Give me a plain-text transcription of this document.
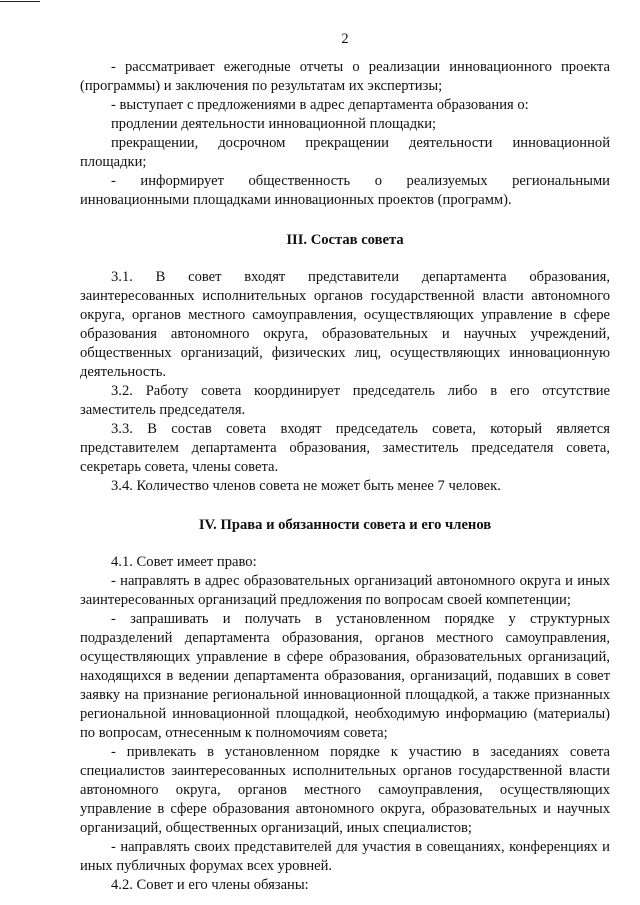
2

- рассматривает ежегодные отчеты о реализации инновационного проекта (программы) и заключения по результатам их экспертизы;

- выступает с предложениями в адрес департамента образования о:

продлении деятельности инновационной площадки;

прекращении, досрочном прекращении деятельности инновационной площадки;

- информирует общественность о реализуемых региональными инновационными площадками инновационных проектов (программ).

III. Состав совета

3.1. В совет входят представители департамента образования, заинтересованных исполнительных органов государственной власти автономного округа, органов местного самоуправления, осуществляющих управление в сфере образования автономного округа, образовательных и научных учреждений, общественных организаций, физических лиц, осуществляющих инновационную деятельность.

3.2. Работу совета координирует председатель либо в его отсутствие заместитель председателя.

3.3. В состав совета входят председатель совета, который является представителем департамента образования, заместитель председателя совета, секретарь совета, члены совета.

3.4. Количество членов совета не может быть менее 7 человек.

IV. Права и обязанности совета и его членов

4.1. Совет имеет право:

- направлять в адрес образовательных организаций автономного округа и иных заинтересованных организаций предложения по вопросам своей компетенции;

- запрашивать и получать в установленном порядке у структурных подразделений департамента образования, органов местного самоуправления, осуществляющих управление в сфере образования, образовательных организаций, находящихся в ведении департамента образования, организаций, подавших в совет заявку на признание региональной инновационной площадкой, а также признанных региональной инновационной площадкой, необходимую информацию (материалы) по вопросам, отнесенным к полномочиям совета;

- привлекать в установленном порядке к участию в заседаниях совета специалистов заинтересованных исполнительных органов государственной власти автономного округа, органов местного самоуправления, осуществляющих управление в сфере образования автономного округа, образовательных и научных организаций, общественных организаций, иных специалистов;

- направлять своих представителей для участия в совещаниях, конференциях и иных публичных форумах всех уровней.

4.2. Совет и его члены обязаны:
